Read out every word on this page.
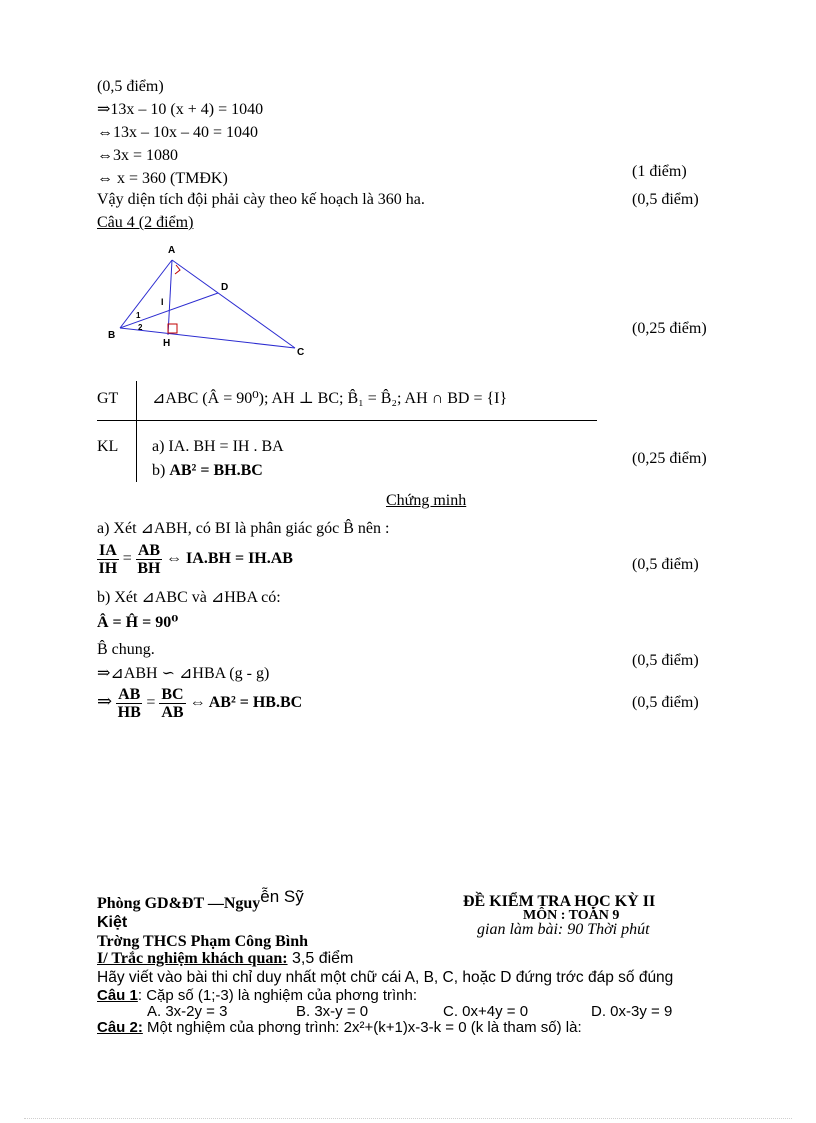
(0,5 điểm)
⇒13x – 10 (x + 4) = 1040
⇔13x – 10x – 40 = 1040
⇔3x = 1080
⇔ x = 360 (TMĐK)	(1 điểm)
Vậy diện tích đội phải cày theo kế hoạch là 360 ha.	(0,5 điểm)
Câu 4 (2 điểm)
A
B
C
D
H
I
1
2	(0,25 điểm)
GT ⊿ABC (Â = 90⁰); AH ⊥ BC; B̂₁ = B̂₂; AH ∩ BD = {I}
KL a) IA. BH = IH . BA
b) AB² = BH.BC
(0,25 điểm)
Chứng minh
a) Xét ⊿ABH, có BI là phân giác góc B̂ nên :
$\frac{IA}{IH} = \frac{AB}{BH}$ ⇔ IA.BH = IH.AB	(0,5 điểm)
b) Xét ⊿ABC và ⊿HBA có:
Â = Ĥ = 90⁰
B̂ chung.
⇒⊿ABH ∽ ⊿HBA (g - g)
(0,5 điểm)
⇒ $\frac{AB}{HB} = \frac{BC}{AB}$ ⇔ AB² = HB.BC	(0,5 điểm)
Phòng GD&ĐT —Nguyễn Sỹ
Kiệt
Trờng THCS Phạm Công Bình
ĐỀ KIỂM TRA HỌC KỲ II
MÔN : TOÁN 9
gian làm bài: 90 Thời phút
I/ Trắc nghiệm khách quan: 3,5 điểm
Hãy viết vào bài thi chỉ duy nhất một chữ cái A, B, C, hoặc D đứng trớc đáp số đúng
Câu 1: Cặp số (1;-3) là nghiệm của phơng trình:
A. 3x-2y = 3	B. 3x-y = 0	C. 0x+4y = 0	D. 0x-3y = 9
Câu 2: Một nghiệm của phơng trình: 2x²+(k+1)x-3-k = 0 (k là tham số) là:
